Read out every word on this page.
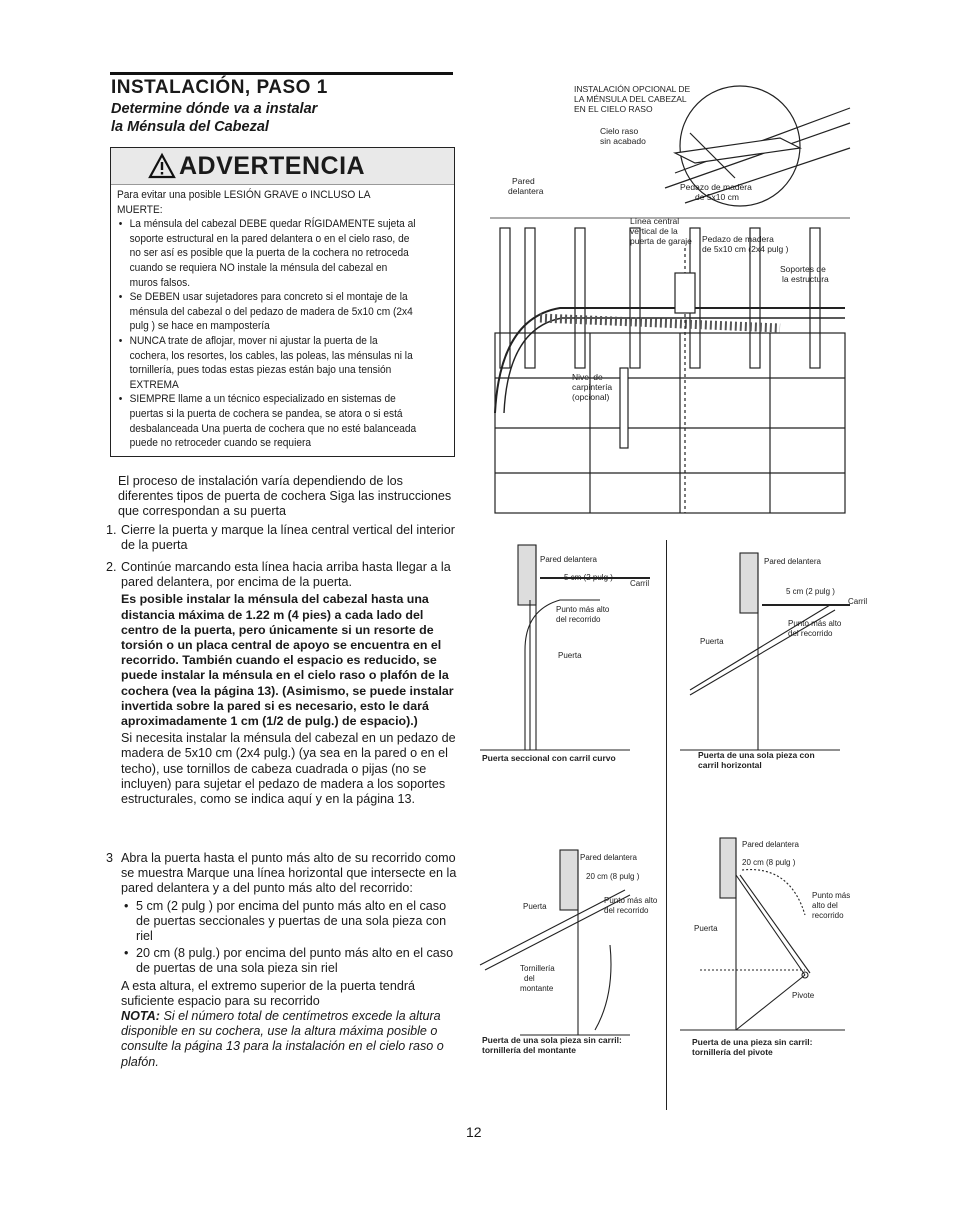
INSTALACIÓN, PASO 1
Determine dónde va a instalar
la Ménsula del Cabezal
ADVERTENCIA

Para evitar una posible LESIÓN GRAVE o INCLUSO LA MUERTE:

• La ménsula del cabezal DEBE quedar RÍGIDAMENTE sujeta al soporte estructural en la pared delantera o en el cielo raso, de no ser así es posible que la puerta de la cochera no retroceda cuando se requiera NO instale la ménsula del cabezal en muros falsos.
• Se DEBEN usar sujetadores para concreto si el montaje de la ménsula del cabezal o del pedazo de madera de 5x10 cm (2x4 pulg ) se hace en mampostería
• NUNCA trate de aflojar, mover ni ajustar la puerta de la cochera, los resortes, los cables, las poleas, las ménsulas ni la tornillería, pues todas estas piezas están bajo una tensión EXTREMA
• SIEMPRE llame a un técnico especializado en sistemas de puertas si la puerta de cochera se pandea, se atora o si está desbalanceada Una puerta de cochera que no esté balanceada puede no retroceder cuando se requiera
El proceso de instalación varía dependiendo de los diferentes tipos de puerta de cochera Siga las instrucciones que correspondan a su puerta
1. Cierre la puerta y marque la línea central vertical del interior de la puerta
2. Continúe marcando esta línea hacia arriba hasta llegar a la pared delantera, por encima de la puerta.

Es posible instalar la ménsula del cabezal hasta una distancia máxima de 1.22 m (4 pies) a cada lado del centro de la puerta, pero únicamente si un resorte de torsión o un placa central de apoyo se encuentra en el recorrido. También cuando el espacio es reducido, se puede instalar la ménsula en el cielo raso o plafón de la cochera (vea la página 13). (Asimismo, se puede instalar invertida sobre la pared si es necesario, esto le dará aproximadamente 1 cm (1/2 de pulg.) de espacio).)

Si necesita instalar la ménsula del cabezal en un pedazo de madera de 5x10 cm (2x4 pulg.) (ya sea en la pared o en el techo), use tornillos de cabeza cuadrada o pijas (no se incluyen) para sujetar el pedazo de madera a los soportes estructurales, como se indica aquí y en la página 13.

3 Abra la puerta hasta el punto más alto de su recorrido como se muestra Marque una línea horizontal que intersecte en la pared delantera y a del punto más alto del recorrido:

• 5 cm (2 pulg ) por encima del punto más alto en el caso de puertas seccionales y puertas de una sola pieza con riel

• 20 cm (8 pulg.) por encima del punto más alto en el caso de puertas de una sola pieza sin riel

A esta altura, el extremo superior de la puerta tendrá suficiente espacio para su recorrido

NOTA: Si el número total de centímetros excede la altura disponible en su cochera, use la altura máxima posible o consulte la página 13 para la instalación en el cielo raso o plafón.

INSTALACIÓN OPCIONAL DE
LA MÉNSULA DEL CABEZAL
EN EL CIELO RASO
Cielo raso
sin acabado
Pared
delantera	Pedazo de madera
de 5x10 cm
Línea central
vertical de la
puerta de garaje Pedazo de madera
de 5x10 cm (2x4 pulg )
Soportes de
la estructura
Nivel de
carpintería
(opcional)
Pared delantera
5 cm (2 pulg )
Carril
Punto más alto
del recorrido
Puerta
Puerta seccional con carril curvo
Pared delantera
5 cm (2 pulg )
Carril
Punto más alto
del recorrido
Puerta
Puerta de una sola pieza con
carril horizontal
Pared delantera
20 cm (8 pulg )
Puerta
Punto más alto
del recorrido
Tornillería
del
montante
Puerta de una sola pieza sin carril:
tornillería del montante
Pared delantera
20 cm (8 pulg )
Puerta
Punto más
alto del
recorrido
Pivote
Puerta de una pieza sin carril:
tornillería del pivote
12
